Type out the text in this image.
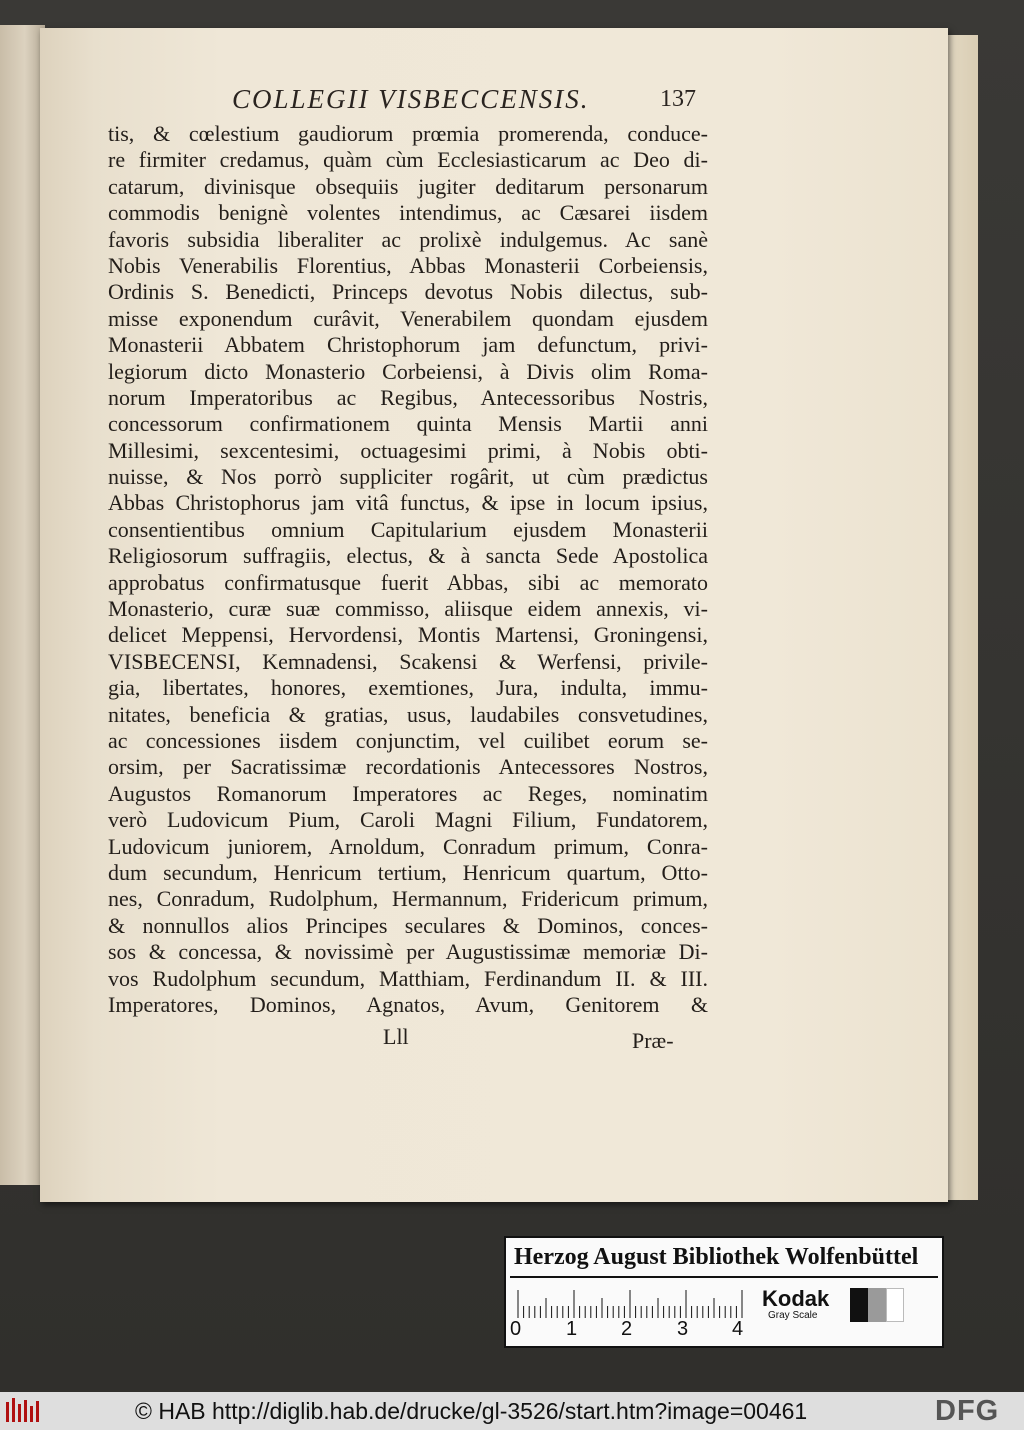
COLLEGII VISBECCENSIS.	137
tis, & cœlestium gaudiorum prœmia promerenda, conduce-
re firmiter credamus, quàm cùm Ecclesiasticarum ac Deo di-
catarum, divinisque obsequiis jugiter deditarum personarum
commodis benignè volentes intendimus, ac Cæsarei iisdem
favoris subsidia liberaliter ac prolixè indulgemus. Ac sanè
Nobis Venerabilis Florentius, Abbas Monasterii Corbeiensis,
Ordinis S. Benedicti, Princeps devotus Nobis dilectus, sub-
misse exponendum curâvit, Venerabilem quondam ejusdem
Monasterii Abbatem Christophorum jam defunctum, privi-
legiorum dicto Monasterio Corbeiensi, à Divis olim Roma-
norum Imperatoribus ac Regibus, Antecessoribus Nostris,
concessorum confirmationem quinta Mensis Martii anni
Millesimi, sexcentesimi, octuagesimi primi, à Nobis obti-
nuisse, & Nos porrò suppliciter rogârit, ut cùm prædictus
Abbas Christophorus jam vitâ functus, & ipse in locum ipsius,
consentientibus omnium Capitularium ejusdem Monasterii
Religiosorum suffragiis, electus, & à sancta Sede Apostolica
approbatus confirmatusque fuerit Abbas, sibi ac memorato
Monasterio, curæ suæ commisso, aliisque eidem annexis, vi-
delicet Meppensi, Hervordensi, Montis Martensi, Groningensi,
VISBECENSI, Kemnadensi, Scakensi & Werfensi, privile-
gia, libertates, honores, exemtiones, Jura, indulta, immu-
nitates, beneficia & gratias, usus, laudabiles consvetudines,
ac concessiones iisdem conjunctim, vel cuilibet eorum se-
orsim, per Sacratissimæ recordationis Antecessores Nostros,
Augustos Romanorum Imperatores ac Reges, nominatim
verò Ludovicum Pium, Caroli Magni Filium, Fundatorem,
Ludovicum juniorem, Arnoldum, Conradum primum, Conra-
dum secundum, Henricum tertium, Henricum quartum, Otto-
nes, Conradum, Rudolphum, Hermannum, Fridericum primum,
& nonnullos alios Principes seculares & Dominos, conces-
sos & concessa, & novissimè per Augustissimæ memoriæ Di-
vos Rudolphum secundum, Matthiam, Ferdinandum II. & III.
Imperatores, Dominos, Agnatos, Avum, Genitorem &
Lll	Præ-
Herzog August Bibliothek Wolfenbüttel
0 1 2 3 4
Kodak
Gray Scale
© HAB http://diglib.hab.de/drucke/gl-3526/start.htm?image=00461	DFG
